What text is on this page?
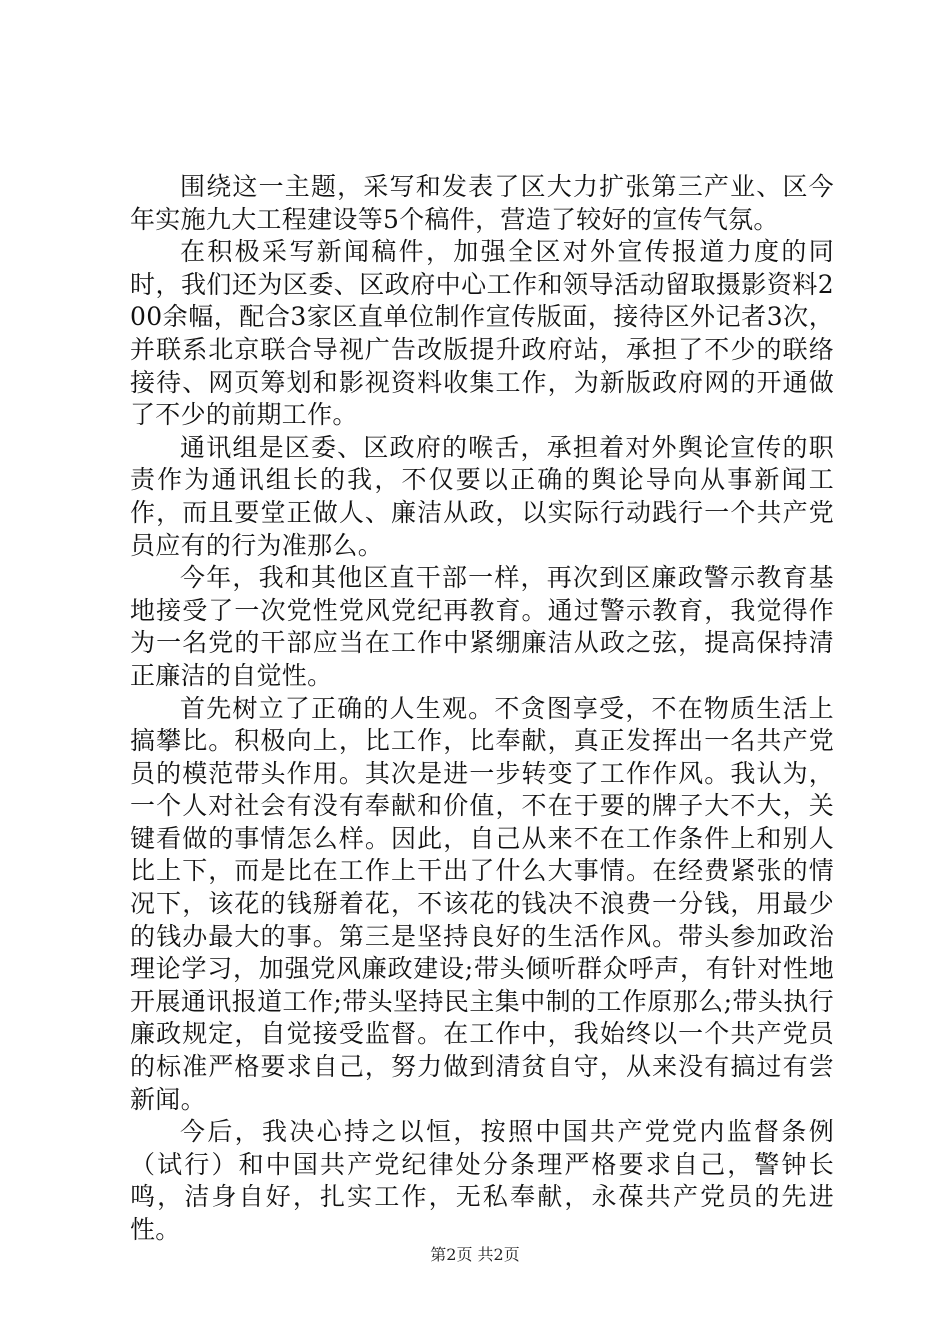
围绕这一主题，采写和发表了区大力扩张第三产业、区今年实施九大工程建设等5个稿件，营造了较好的宣传气氛。

在积极采写新闻稿件，加强全区对外宣传报道力度的同时，我们还为区委、区政府中心工作和领导活动留取摄影资料200余幅，配合3家区直单位制作宣传版面，接待区外记者3次，并联系北京联合导视广告改版提升政府站，承担了不少的联络接待、网页筹划和影视资料收集工作，为新版政府网的开通做了不少的前期工作。

通讯组是区委、区政府的喉舌，承担着对外舆论宣传的职责作为通讯组长的我，不仅要以正确的舆论导向从事新闻工作，而且要堂正做人、廉洁从政，以实际行动践行一个共产党员应有的行为准那么。

今年，我和其他区直干部一样，再次到区廉政警示教育基地接受了一次党性党风党纪再教育。通过警示教育，我觉得作为一名党的干部应当在工作中紧绷廉洁从政之弦，提高保持清正廉洁的自觉性。

首先树立了正确的人生观。不贪图享受，不在物质生活上搞攀比。积极向上，比工作，比奉献，真正发挥出一名共产党员的模范带头作用。其次是进一步转变了工作作风。我认为，一个人对社会有没有奉献和价值，不在于要的牌子大不大，关键看做的事情怎么样。因此，自己从来不在工作条件上和别人比上下，而是比在工作上干出了什么大事情。在经费紧张的情况下，该花的钱掰着花，不该花的钱决不浪费一分钱，用最少的钱办最大的事。第三是坚持良好的生活作风。带头参加政治理论学习，加强党风廉政建设;带头倾听群众呼声，有针对性地开展通讯报道工作;带头坚持民主集中制的工作原那么;带头执行廉政规定，自觉接受监督。在工作中，我始终以一个共产党员的标准严格要求自己，努力做到清贫自守，从来没有搞过有尝新闻。

今后，我决心持之以恒，按照中国共产党党内监督条例（试行）和中国共产党纪律处分条理严格要求自己，警钟长鸣，洁身自好，扎实工作，无私奉献，永葆共产党员的先进性。

第2页 共2页
